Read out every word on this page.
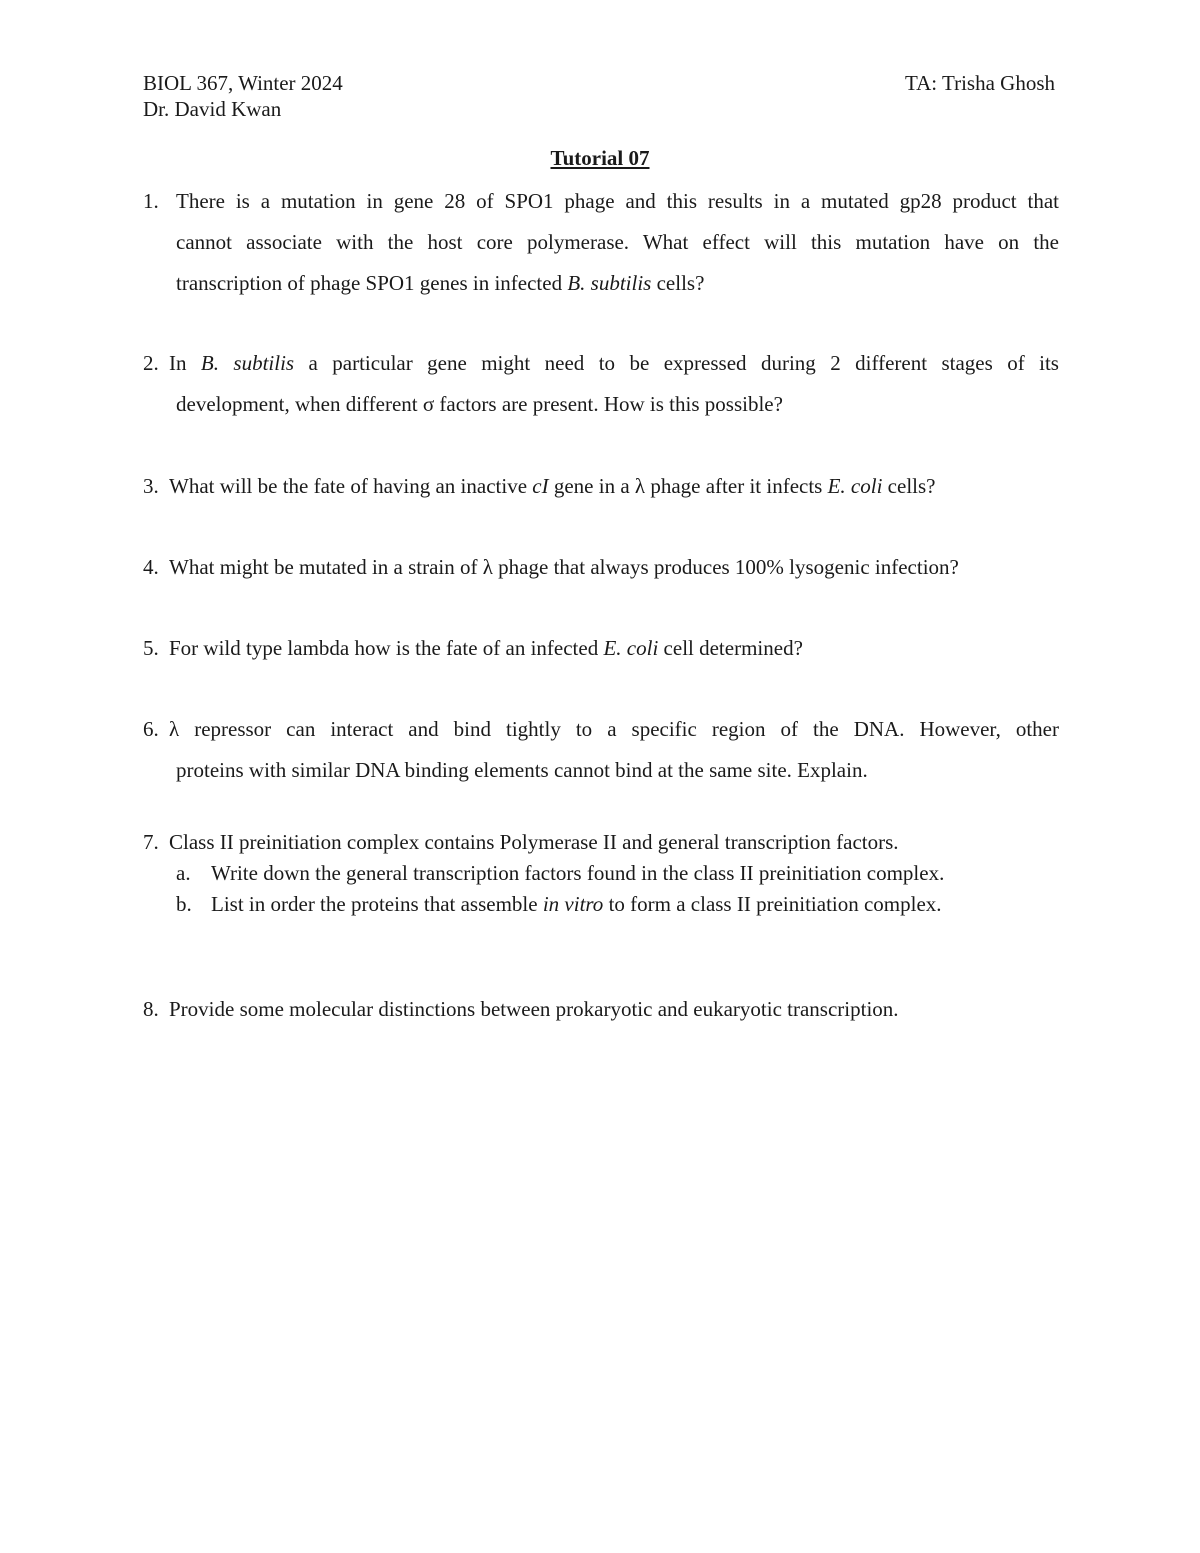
BIOL 367, Winter 2024
Dr. David Kwan
TA: Trisha Ghosh
Tutorial 07
1. There is a mutation in gene 28 of SPO1 phage and this results in a mutated gp28 product that
cannot associate with the host core polymerase. What effect will this mutation have on the
transcription of phage SPO1 genes in infected B. subtilis cells?
2. In B. subtilis a particular gene might need to be expressed during 2 different stages of its
development, when different σ factors are present. How is this possible?
3. What will be the fate of having an inactive cI gene in a λ phage after it infects E. coli cells?
4. What might be mutated in a strain of λ phage that always produces 100% lysogenic infection?
5. For wild type lambda how is the fate of an infected E. coli cell determined?
6. λ repressor can interact and bind tightly to a specific region of the DNA. However, other
proteins with similar DNA binding elements cannot bind at the same site. Explain.
7. Class II preinitiation complex contains Polymerase II and general transcription factors.
a. Write down the general transcription factors found in the class II preinitiation complex.
b. List in order the proteins that assemble in vitro to form a class II preinitiation complex.
8. Provide some molecular distinctions between prokaryotic and eukaryotic transcription.
